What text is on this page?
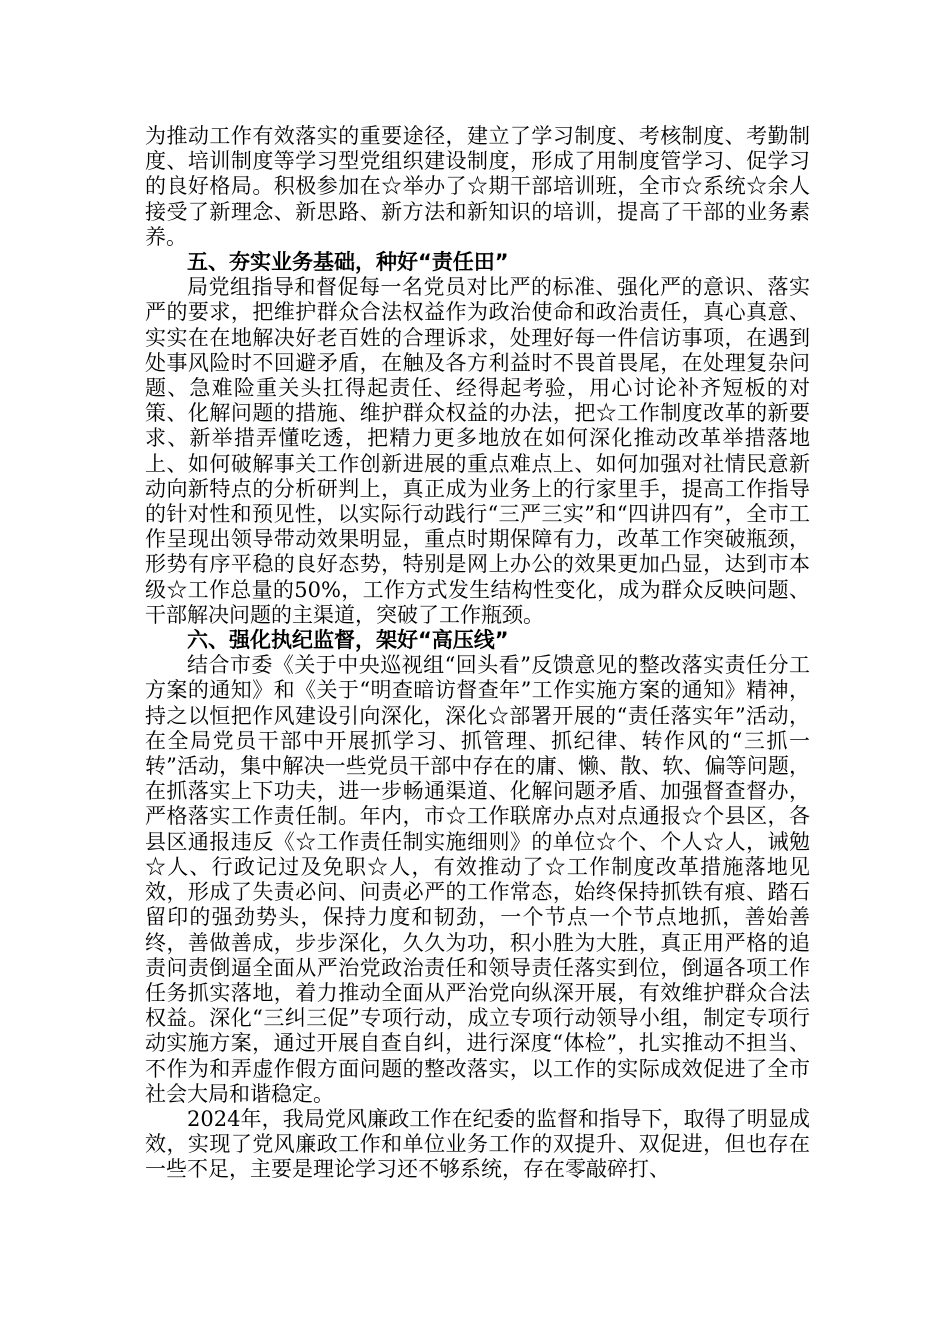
为推动工作有效落实的重要途径，建立了学习制度、考核制度、考勤制度、培训制度等学习型党组织建设制度，形成了用制度管学习、促学习的良好格局。积极参加在☆举办了☆期干部培训班，全市☆系统☆余人接受了新理念、新思路、新方法和新知识的培训，提高了干部的业务素养。

五、夯实业务基础，种好“责任田”

局党组指导和督促每一名党员对比严的标准、强化严的意识、落实严的要求，把维护群众合法权益作为政治使命和政治责任，真心真意、实实在在地解决好老百姓的合理诉求，处理好每一件信访事项，在遇到处事风险时不回避矛盾，在触及各方利益时不畏首畏尾，在处理复杂问题、急难险重关头扛得起责任、经得起考验，用心讨论补齐短板的对策、化解问题的措施、维护群众权益的办法，把☆工作制度改革的新要求、新举措弄懂吃透，把精力更多地放在如何深化推动改革举措落地上、如何破解事关工作创新进展的重点难点上、如何加强对社情民意新动向新特点的分析研判上，真正成为业务上的行家里手，提高工作指导的针对性和预见性，以实际行动践行“三严三实”和“四讲四有”，全市工作呈现出领导带动效果明显，重点时期保障有力，改革工作突破瓶颈，形势有序平稳的良好态势，特别是网上办公的效果更加凸显，达到市本级☆工作总量的50%，工作方式发生结构性变化，成为群众反映问题、干部解决问题的主渠道，突破了工作瓶颈。

六、强化执纪监督，架好“高压线”

结合市委《关于中央巡视组“回头看”反馈意见的整改落实责任分工方案的通知》和《关于“明查暗访督查年”工作实施方案的通知》精神，持之以恒把作风建设引向深化，深化☆部署开展的“责任落实年”活动，在全局党员干部中开展抓学习、抓管理、抓纪律、转作风的“三抓一转”活动，集中解决一些党员干部中存在的庸、懒、散、软、偏等问题，在抓落实上下功夫，进一步畅通渠道、化解问题矛盾、加强督查督办，严格落实工作责任制。年内，市☆工作联席办点对点通报☆个县区，各县区通报违反《☆工作责任制实施细则》的单位☆个、个人☆人，诫勉☆人、行政记过及免职☆人，有效推动了☆工作制度改革措施落地见效，形成了失责必问、问责必严的工作常态，始终保持抓铁有痕、踏石留印的强劲势头，保持力度和韧劲，一个节点一个节点地抓，善始善终，善做善成，步步深化，久久为功，积小胜为大胜，真正用严格的追责问责倒逼全面从严治党政治责任和领导责任落实到位，倒逼各项工作任务抓实落地，着力推动全面从严治党向纵深开展，有效维护群众合法权益。深化“三纠三促”专项行动，成立专项行动领导小组，制定专项行动实施方案，通过开展自查自纠，进行深度“体检”，扎实推动不担当、不作为和弄虚作假方面问题的整改落实，以工作的实际成效促进了全市社会大局和谐稳定。

2024年，我局党风廉政工作在纪委的监督和指导下，取得了明显成效，实现了党风廉政工作和单位业务工作的双提升、双促进，但也存在一些不足，主要是理论学习还不够系统，存在零敲碎打、
